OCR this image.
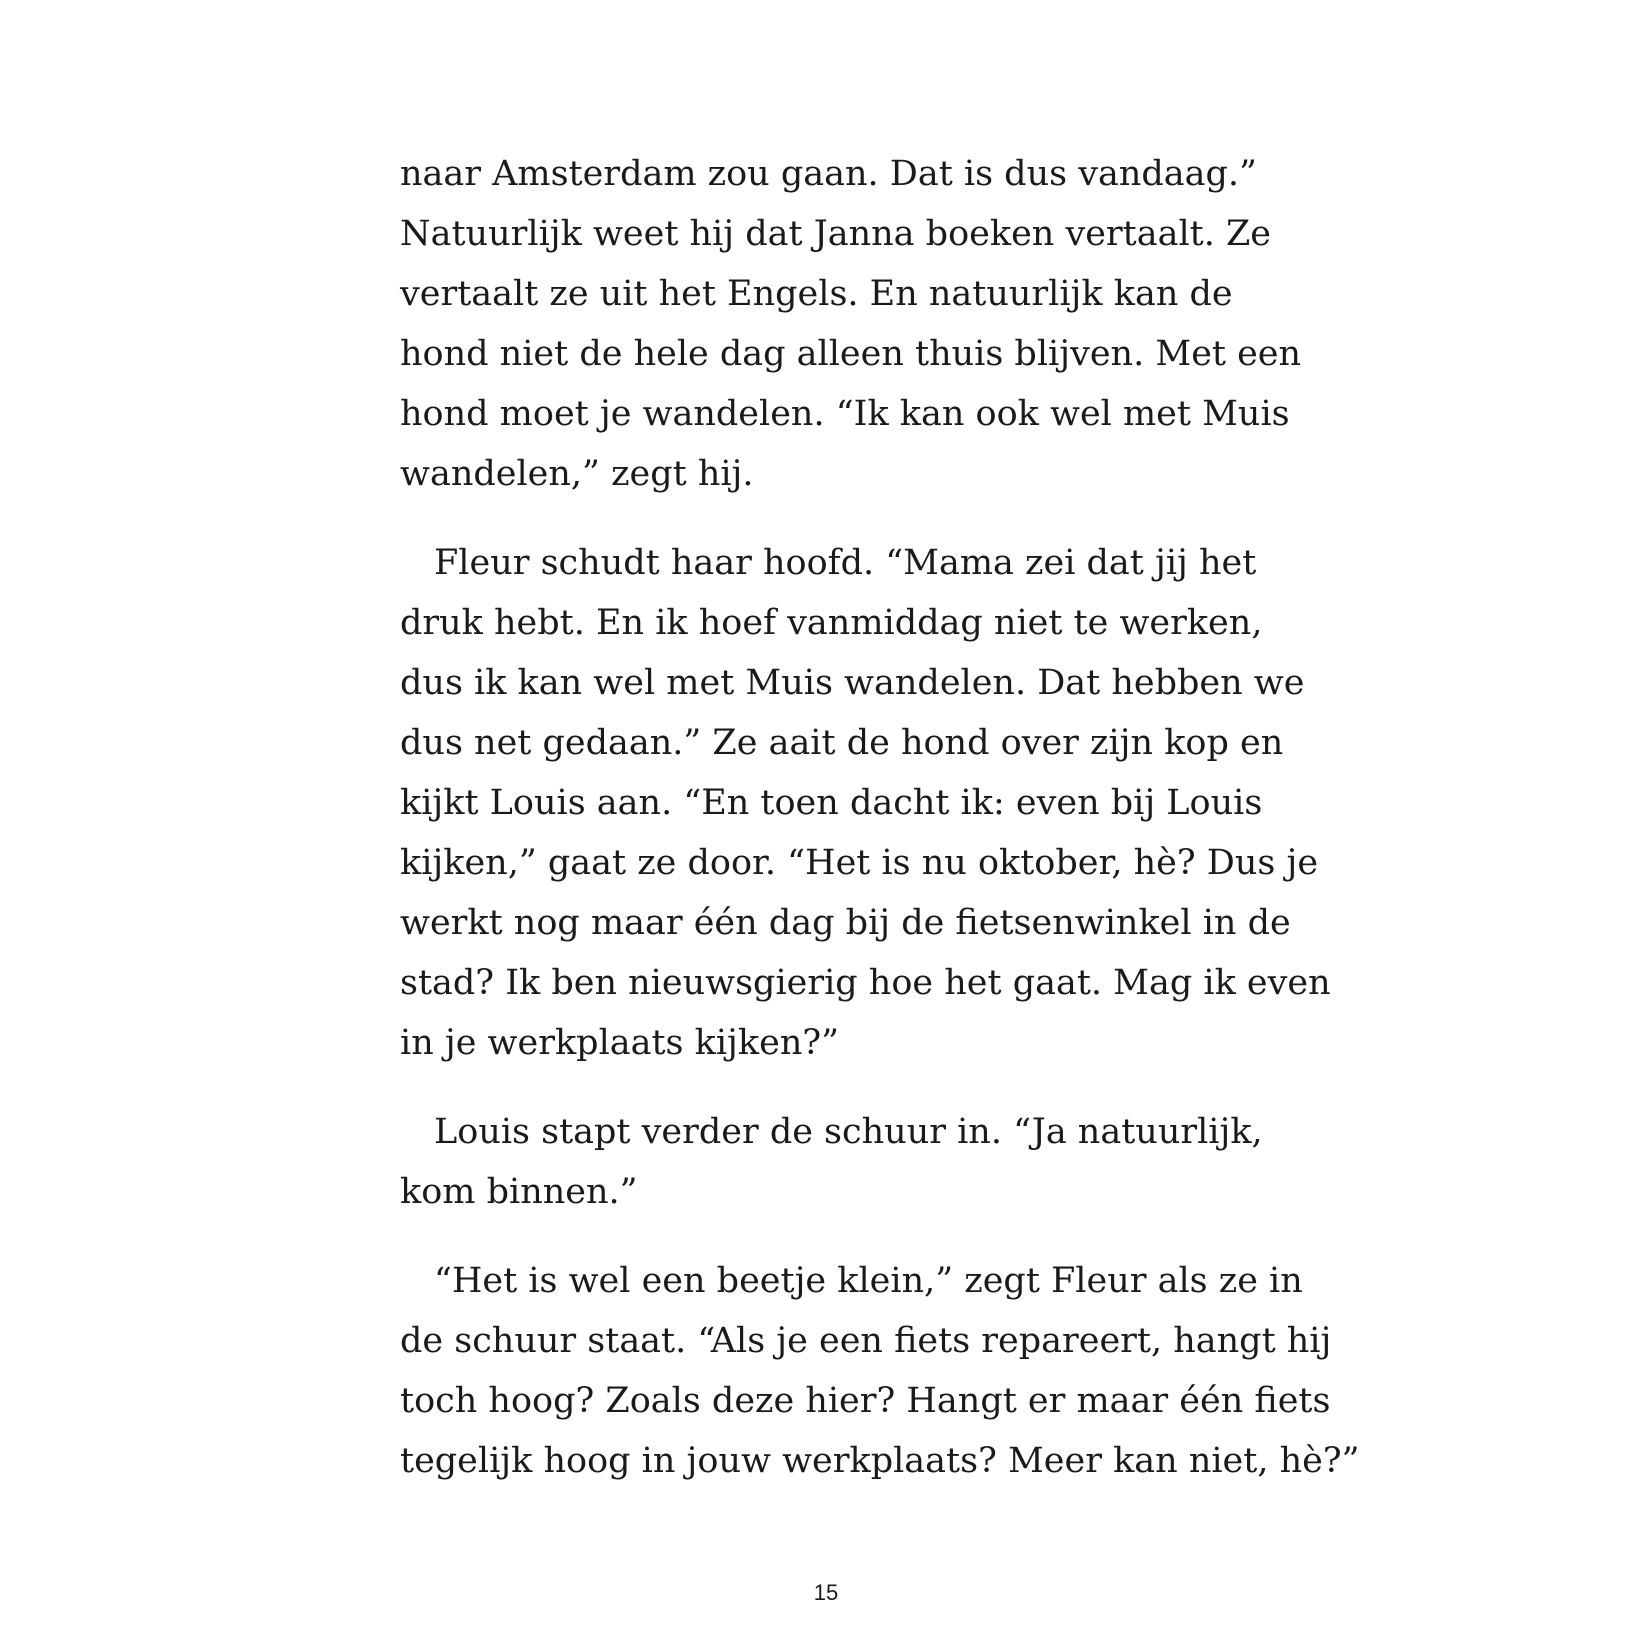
naar Amsterdam zou gaan. Dat is dus vandaag.”
Natuurlijk weet hij dat Janna boeken vertaalt. Ze
vertaalt ze uit het Engels. En natuurlijk kan de
hond niet de hele dag alleen thuis blijven. Met een
hond moet je wandelen. “Ik kan ook wel met Muis
wandelen,” zegt hij.

Fleur schudt haar hoofd. “Mama zei dat jij het
druk hebt. En ik hoef vanmiddag niet te werken,
dus ik kan wel met Muis wandelen. Dat hebben we
dus net gedaan.” Ze aait de hond over zijn kop en
kijkt Louis aan. “En toen dacht ik: even bij Louis
kijken,” gaat ze door. “Het is nu oktober, hè? Dus je
werkt nog maar één dag bij de fietsenwinkel in de
stad? Ik ben nieuwsgierig hoe het gaat. Mag ik even
in je werkplaats kijken?”

Louis stapt verder de schuur in. “Ja natuurlijk,
kom binnen.”

“Het is wel een beetje klein,” zegt Fleur als ze in
de schuur staat. “Als je een fiets repareert, hangt hij
toch hoog? Zoals deze hier? Hangt er maar één fiets
tegelijk hoog in jouw werkplaats? Meer kan niet, hè?”

15
